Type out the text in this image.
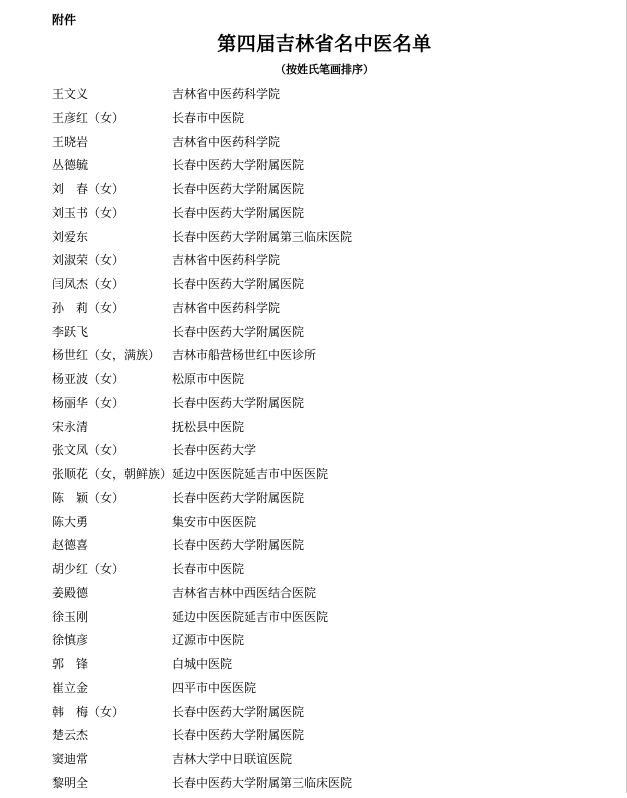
附件
第四届吉林省名中医名单
（按姓氏笔画排序）
王文义	吉林省中医药科学院
王彦红（女）	长春市中医院
王晓岩	吉林省中医药科学院
丛德毓	长春中医药大学附属医院
刘　春（女）	长春中医药大学附属医院
刘玉书（女）	长春中医药大学附属医院
刘爱东	长春中医药大学附属第三临床医院
刘淑荣（女）	吉林省中医药科学院
闫凤杰（女）	长春中医药大学附属医院
孙　莉（女）	吉林省中医药科学院
李跃飞	长春中医药大学附属医院
杨世红（女，满族） 吉林市船营杨世红中医诊所
杨亚波（女）	松原市中医院
杨丽华（女）	长春中医药大学附属医院
宋永清	抚松县中医院
张文凤（女）	长春中医药大学
张顺花（女，朝鲜族） 延边中医医院延吉市中医医院
陈　颖（女）	长春中医药大学附属医院
陈大勇	集安市中医医院
赵德喜	长春中医药大学附属医院
胡少红（女）	长春市中医院
姜殿德	吉林省吉林中西医结合医院
徐玉刚	延边中医医院延吉市中医医院
徐慎彦	辽源市中医院
郭　锋	白城中医院
崔立金	四平市中医医院
韩　梅（女）	长春中医药大学附属医院
楚云杰	长春中医药大学附属医院
窦迪常	吉林大学中日联谊医院
黎明全	长春中医药大学附属第三临床医院
